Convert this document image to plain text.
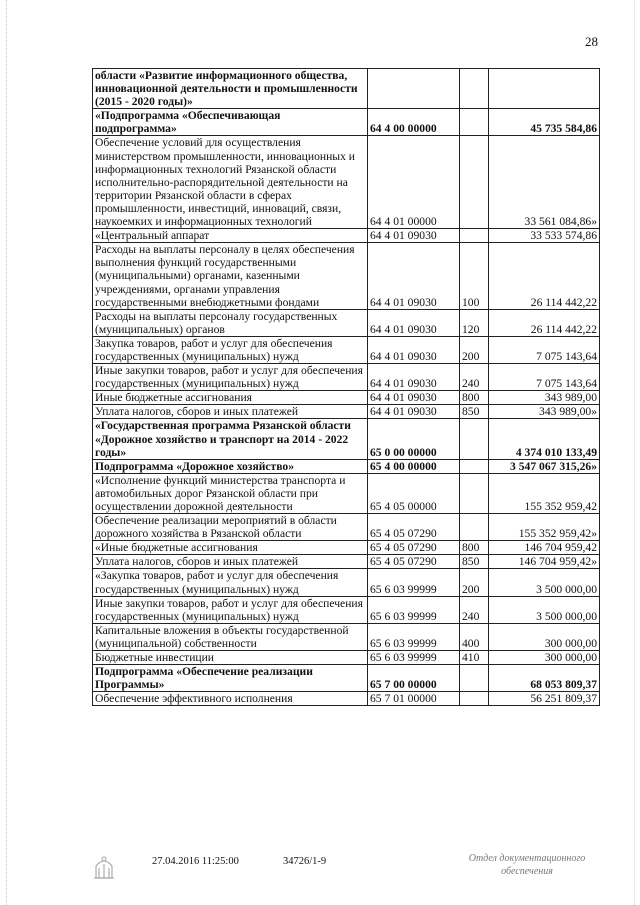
28
области «Развитие информационного общества, инновационной деятельности и промышленности (2015 - 2020 годы)»			
«Подпрограмма «Обеспечивающая подпрограмма»	64 4 00 00000		45 735 584,86
Обеспечение условий для осуществления министерством промышленности, инновационных и информационных технологий Рязанской области исполнительно-распорядительной деятельности на территории Рязанской области в сферах промышленности, инвестиций, инноваций, связи, наукоемких и информационных технологий	64 4 01 00000		33 561 084,86»
«Центральный аппарат	64 4 01 09030		33 533 574,86
Расходы на выплаты персоналу в целях обеспечения выполнения функций государственными (муниципальными) органами, казенными учреждениями, органами управления государственными внебюджетными фондами	64 4 01 09030	100	26 114 442,22
Расходы на выплаты персоналу государственных (муниципальных) органов	64 4 01 09030	120	26 114 442,22
Закупка товаров, работ и услуг для обеспечения государственных (муниципальных) нужд	64 4 01 09030	200	7 075 143,64
Иные закупки товаров, работ и услуг для обеспечения государственных (муниципальных) нужд	64 4 01 09030	240	7 075 143,64
Иные бюджетные ассигнования	64 4 01 09030	800	343 989,00
Уплата налогов, сборов и иных платежей	64 4 01 09030	850	343 989,00»
«Государственная программа Рязанской области «Дорожное хозяйство и транспорт на 2014 - 2022 годы»	65 0 00 00000		4 374 010 133,49
Подпрограмма «Дорожное хозяйство»	65 4 00 00000		3 547 067 315,26»
«Исполнение функций министерства транспорта и автомобильных дорог Рязанской области при осуществлении дорожной деятельности	65 4 05 00000		155 352 959,42
Обеспечение реализации мероприятий в области дорожного хозяйства в Рязанской области	65 4 05 07290		155 352 959,42»
«Иные бюджетные ассигнования	65 4 05 07290	800	146 704 959,42
Уплата налогов, сборов и иных платежей	65 4 05 07290	850	146 704 959,42»
«Закупка товаров, работ и услуг для обеспечения государственных (муниципальных) нужд	65 6 03 99999	200	3 500 000,00
Иные закупки товаров, работ и услуг для обеспечения государственных (муниципальных) нужд	65 6 03 99999	240	3 500 000,00
Капитальные вложения в объекты государственной (муниципальной) собственности	65 6 03 99999	400	300 000,00
Бюджетные инвестиции	65 6 03 99999	410	300 000,00
Подпрограмма «Обеспечение реализации Программы»	65 7 00 00000		68 053 809,37
Обеспечение эффективного исполнения	65 7 01 00000		56 251 809,37
27.04.2016 11:25:00	34726/1-9	Отдел документационного обеспечения
